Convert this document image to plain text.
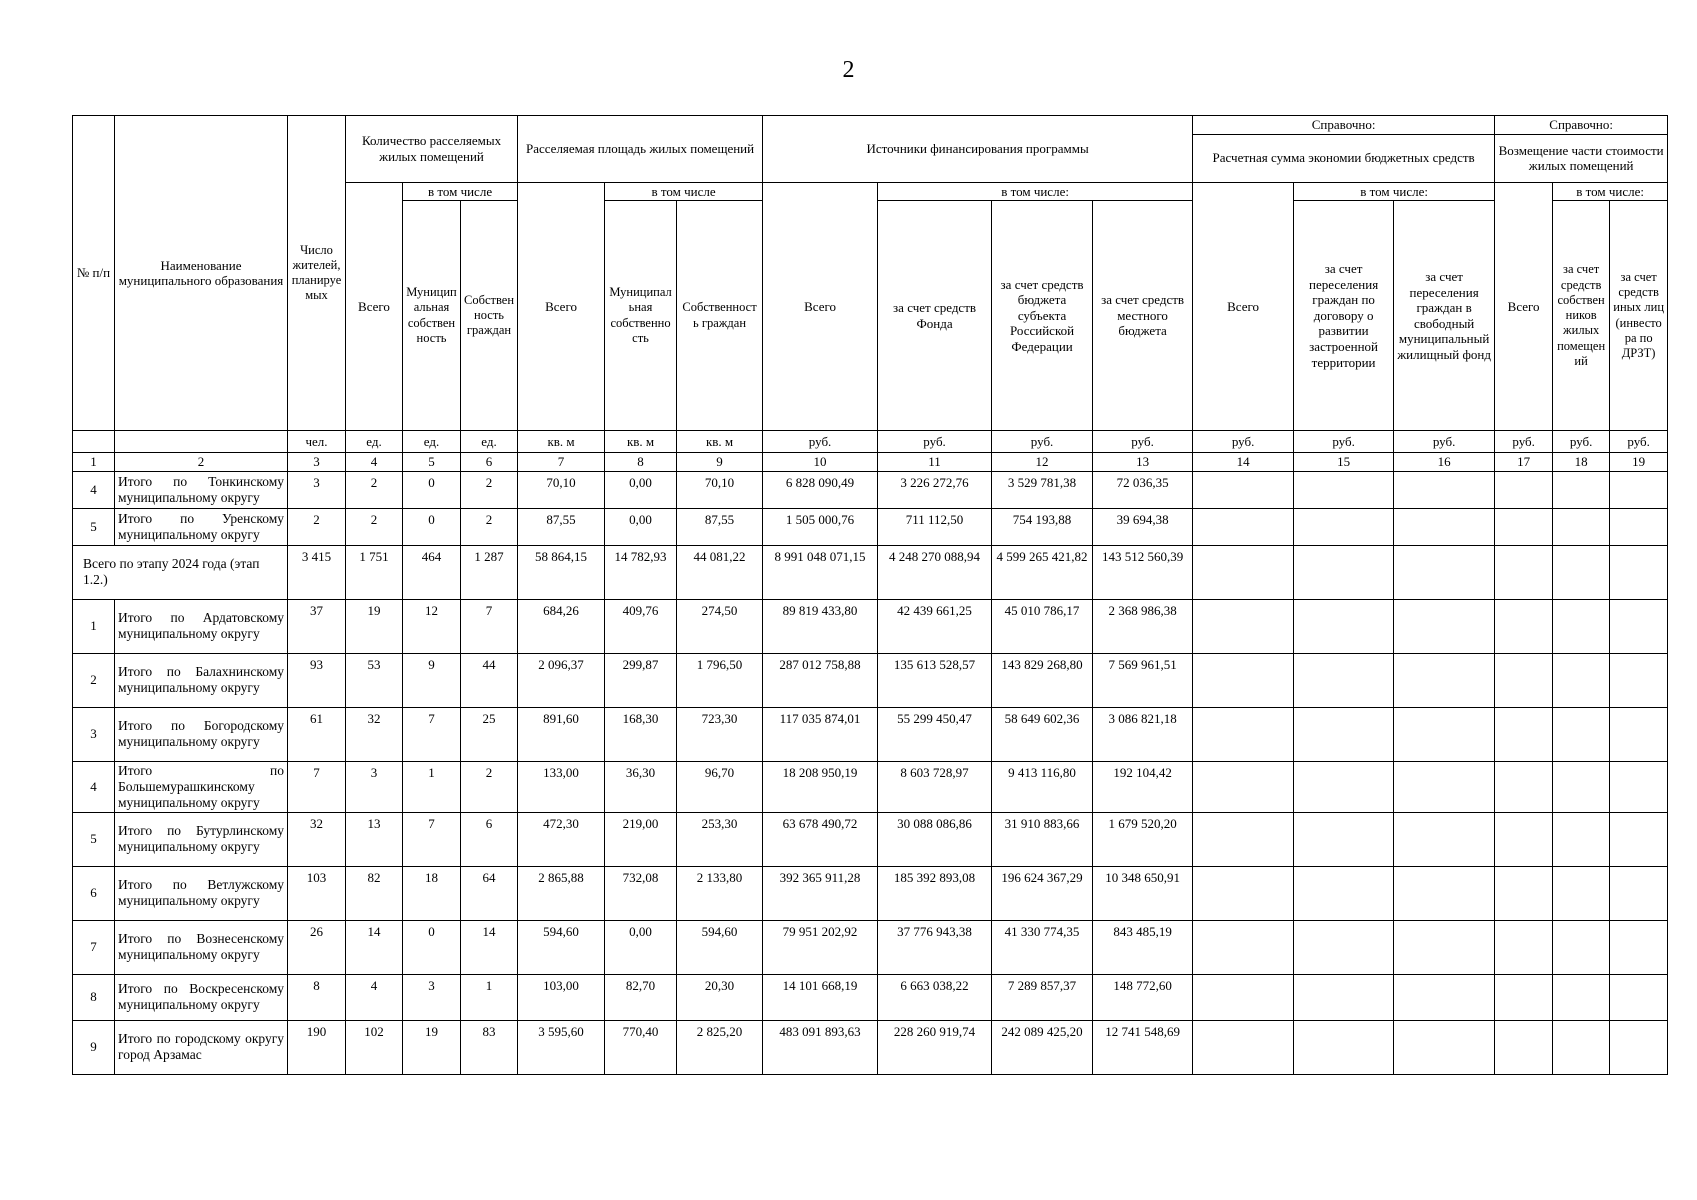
2
№ п/п	Наименование муниципального образования	Число жителей, планируемых	Количество расселяемых жилых помещений			Расселяемая площадь жилых помещений			Источники финансирования программы				Справочно:			Справочно:		
													Расчетная сумма экономии бюджетных средств			Возмещение части стоимости жилых помещений		
			Всего	в том числе		Всего	в том числе		Всего	в том числе:			Всего	в том числе:		Всего	в том числе:	
				Муниципальная собственность	Собственность граждан		Муниципальная собственность	Собственность граждан		за счет средств Фонда	за счет средств бюджета субъекта Российской Федерации	за счет средств местного бюджета		за счет переселения граждан по договору о развитии застроенной территории	за счет переселения граждан в свободный муниципальный жилищный фонд		за счет средств собственников жилых помещений	за счет средств иных лиц (инвестора по ДРЗТ)
		чел.	ед.	ед.	ед.	кв. м	кв. м	кв. м	руб.	руб.	руб.	руб.	руб.	руб.	руб.	руб.	руб.	руб.
1	2	3	4	5	6	7	8	9	10	11	12	13	14	15	16	17	18	19
4	Итого по Тонкинскому муниципальному округу	3	2	0	2	70,10	0,00	70,10	6 828 090,49	3 226 272,76	3 529 781,38	72 036,35						
5	Итого по Уренскому муниципальному округу	2	2	0	2	87,55	0,00	87,55	1 505 000,76	711 112,50	754 193,88	39 694,38						
Всего по этапу 2024 года (этап 1.2.)		3 415	1 751	464	1 287	58 864,15	14 782,93	44 081,22	8 991 048 071,15	4 248 270 088,94	4 599 265 421,82	143 512 560,39						
1	Итого по Ардатовскому муниципальному округу	37	19	12	7	684,26	409,76	274,50	89 819 433,80	42 439 661,25	45 010 786,17	2 368 986,38						
2	Итого по Балахнинскому муниципальному округу	93	53	9	44	2 096,37	299,87	1 796,50	287 012 758,88	135 613 528,57	143 829 268,80	7 569 961,51						
3	Итого по Богородскому муниципальному округу	61	32	7	25	891,60	168,30	723,30	117 035 874,01	55 299 450,47	58 649 602,36	3 086 821,18						
4	Итого по Большемурашкинскому муниципальному округу	7	3	1	2	133,00	36,30	96,70	18 208 950,19	8 603 728,97	9 413 116,80	192 104,42						
5	Итого по Бутурлинскому муниципальному округу	32	13	7	6	472,30	219,00	253,30	63 678 490,72	30 088 086,86	31 910 883,66	1 679 520,20						
6	Итого по Ветлужскому муниципальному округу	103	82	18	64	2 865,88	732,08	2 133,80	392 365 911,28	185 392 893,08	196 624 367,29	10 348 650,91						
7	Итого по Вознесенскому муниципальному округу	26	14	0	14	594,60	0,00	594,60	79 951 202,92	37 776 943,38	41 330 774,35	843 485,19						
8	Итого по Воскресенскому муниципальному округу	8	4	3	1	103,00	82,70	20,30	14 101 668,19	6 663 038,22	7 289 857,37	148 772,60						
9	Итого по городскому округу город Арзамас	190	102	19	83	3 595,60	770,40	2 825,20	483 091 893,63	228 260 919,74	242 089 425,20	12 741 548,69						
